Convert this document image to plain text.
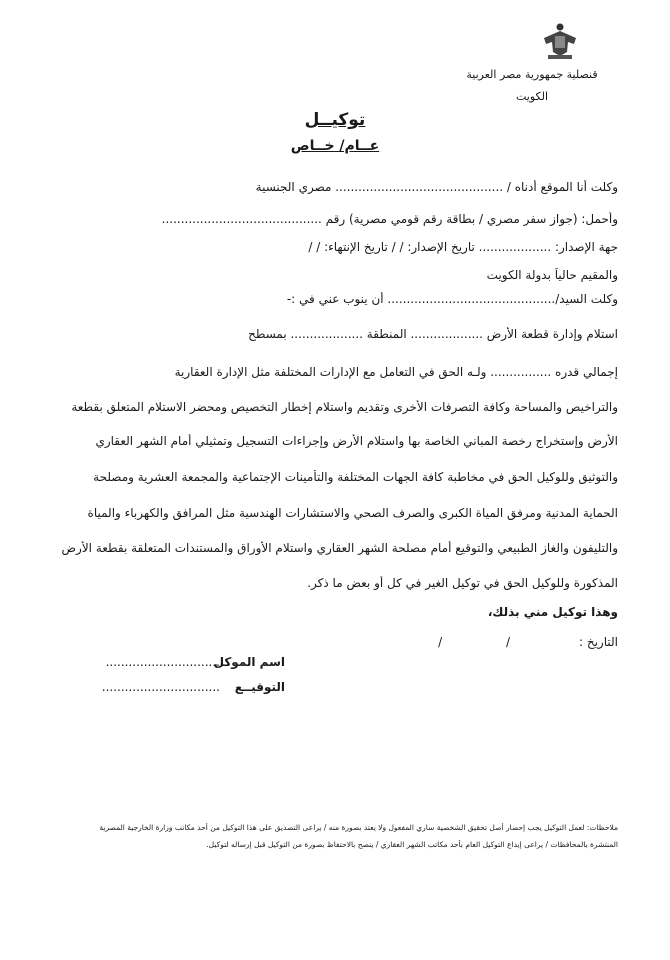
قنصلية جمهورية مصر العربية
الكويت
توكيــل
عــام/ خــاص
وكلت أنا الموقع أدناه / ............................................ مصري الجنسية
وأحمل: (جواز سفر مصري / بطاقة رقم قومي مصرية) رقم ..........................................
جهة الإصدار: ................... تاريخ الإصدار: / / تاريخ الإنتهاء: / /
والمقيم حالياً بدولة الكويت
وكلت السيد/............................................ أن ينوب عني في :-
استلام وإدارة قطعة الأرض ................... المنطقة ................... بمسطح
إجمالي قدره ................ ولـه الحق في التعامل مع الإدارات المختلفة مثل الإدارة العقارية
والتراخيص والمساحة وكافة التصرفات الأخرى وتقديم واستلام إخطار التخصيص ومحضر الاستلام المتعلق بقطعة
الأرض وإستخراج رخصة المباني الخاصة بها واستلام الأرض وإجراءات التسجيل وتمثيلي أمام الشهر العقاري
والتوثيق وللوكيل الحق في مخاطبة كافة الجهات المختلفة والتأمينات الإجتماعية والمجمعة العشرية ومصلحة
الحماية المدنية ومرفق المياة الكبرى والصرف الصحي والاستشارات الهندسية مثل المرافق والكهرباء والمياة
والتليفون والغاز الطبيعي والتوقيع أمام مصلحة الشهر العقاري واستلام الأوراق والمستندات المتعلقة بقطعة الأرض
المذكورة وللوكيل الحق في توكيل الغير في كل أو بعض ما ذكر.
وهذا توكيل مني بذلك،
التاريخ :
/ /
اسم الموكل
..............................
التوقيــع
...............................
ملاحظات: لعمل التوكيل يجب إحضار أصل تحقيق الشخصية ساري المفعول ولا يعتد بصورة منه / يراعى التصديق على هذا التوكيل من أحد مكاتب وزارة الخارجية المصرية
المنتشرة بالمحافظات / يراعى إيداع التوكيل العام بأحد مكاتب الشهر العقاري / ينصح بالاحتفاظ بصورة من التوكيل قبل إرساله لتوكيل.
